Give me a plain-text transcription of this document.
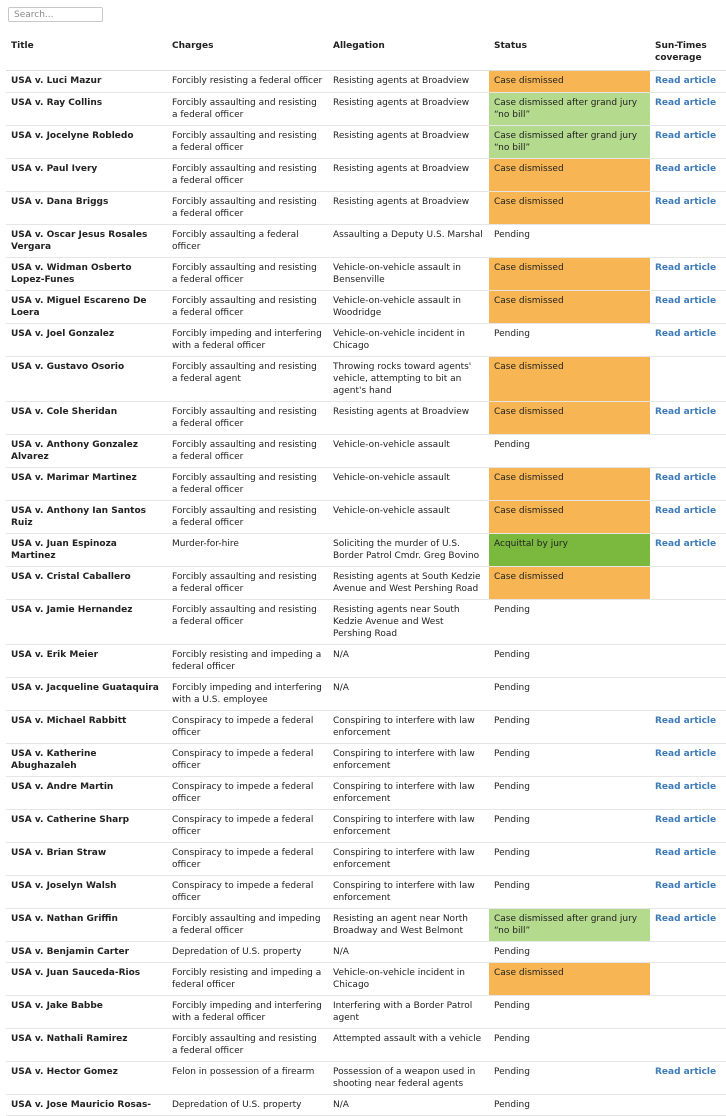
Search...
Title	Charges	Allegation	Status	Sun-Times coverage
USA v. Luci Mazur	Forcibly resisting a federal officer	Resisting agents at Broadview	Case dismissed	Read article
USA v. Ray Collins	Forcibly assaulting and resisting a federal officer	Resisting agents at Broadview	Case dismissed after grand jury “no bill”	Read article
USA v. Jocelyne Robledo	Forcibly assaulting and resisting a federal officer	Resisting agents at Broadview	Case dismissed after grand jury “no bill”	Read article
USA v. Paul Ivery	Forcibly assaulting and resisting a federal officer	Resisting agents at Broadview	Case dismissed	Read article
USA v. Dana Briggs	Forcibly assaulting and resisting a federal officer	Resisting agents at Broadview	Case dismissed	Read article
USA v. Oscar Jesus Rosales Vergara	Forcibly assaulting a federal officer	Assaulting a Deputy U.S. Marshal	Pending	
USA v. Widman Osberto Lopez-Funes	Forcibly assaulting and resisting a federal officer	Vehicle-on-vehicle assault in Bensenville	Case dismissed	Read article
USA v. Miguel Escareno De Loera	Forcibly assaulting and resisting a federal officer	Vehicle-on-vehicle assault in Woodridge	Case dismissed	Read article
USA v. Joel Gonzalez	Forcibly impeding and interfering with a federal officer	Vehicle-on-vehicle incident in Chicago	Pending	Read article
USA v. Gustavo Osorio	Forcibly assaulting and resisting a federal agent	Throwing rocks toward agents' vehicle, attempting to bit an agent's hand	Case dismissed	
USA v. Cole Sheridan	Forcibly assaulting and resisting a federal officer	Resisting agents at Broadview	Case dismissed	Read article
USA v. Anthony Gonzalez Alvarez	Forcibly assaulting and resisting a federal officer	Vehicle-on-vehicle assault	Pending	
USA v. Marimar Martinez	Forcibly assaulting and resisting a federal officer	Vehicle-on-vehicle assault	Case dismissed	Read article
USA v. Anthony Ian Santos Ruiz	Forcibly assaulting and resisting a federal officer	Vehicle-on-vehicle assault	Case dismissed	Read article
USA v. Juan Espinoza Martinez	Murder-for-hire	Soliciting the murder of U.S. Border Patrol Cmdr. Greg Bovino	Acquittal by jury	Read article
USA v. Cristal Caballero	Forcibly assaulting and resisting a federal officer	Resisting agents at South Kedzie Avenue and West Pershing Road	Case dismissed	
USA v. Jamie Hernandez	Forcibly assaulting and resisting a federal officer	Resisting agents near South Kedzie Avenue and West Pershing Road	Pending	
USA v. Erik Meier	Forcibly resisting and impeding a federal officer	N/A	Pending	
USA v. Jacqueline Guataquira	Forcibly impeding and interfering with a U.S. employee	N/A	Pending	
USA v. Michael Rabbitt	Conspiracy to impede a federal officer	Conspiring to interfere with law enforcement	Pending	Read article
USA v. Katherine Abughazaleh	Conspiracy to impede a federal officer	Conspiring to interfere with law enforcement	Pending	Read article
USA v. Andre Martin	Conspiracy to impede a federal officer	Conspiring to interfere with law enforcement	Pending	Read article
USA v. Catherine Sharp	Conspiracy to impede a federal officer	Conspiring to interfere with law enforcement	Pending	Read article
USA v. Brian Straw	Conspiracy to impede a federal officer	Conspiring to interfere with law enforcement	Pending	Read article
USA v. Joselyn Walsh	Conspiracy to impede a federal officer	Conspiring to interfere with law enforcement	Pending	Read article
USA v. Nathan Griffin	Forcibly assaulting and impeding a federal officer	Resisting an agent near North Broadway and West Belmont	Case dismissed after grand jury “no bill”	Read article
USA v. Benjamin Carter	Depredation of U.S. property	N/A	Pending	
USA v. Juan Sauceda-Rios	Forcibly resisting and impeding a federal officer	Vehicle-on-vehicle incident in Chicago	Case dismissed	
USA v. Jake Babbe	Forcibly impeding and interfering with a federal officer	Interfering with a Border Patrol agent	Pending	
USA v. Nathali Ramirez	Forcibly assaulting and resisting a federal officer	Attempted assault with a vehicle	Pending	
USA v. Hector Gomez	Felon in possession of a firearm	Possession of a weapon used in shooting near federal agents	Pending	Read article
USA v. Jose Mauricio Rosas-	Depredation of U.S. property	N/A	Pending	
